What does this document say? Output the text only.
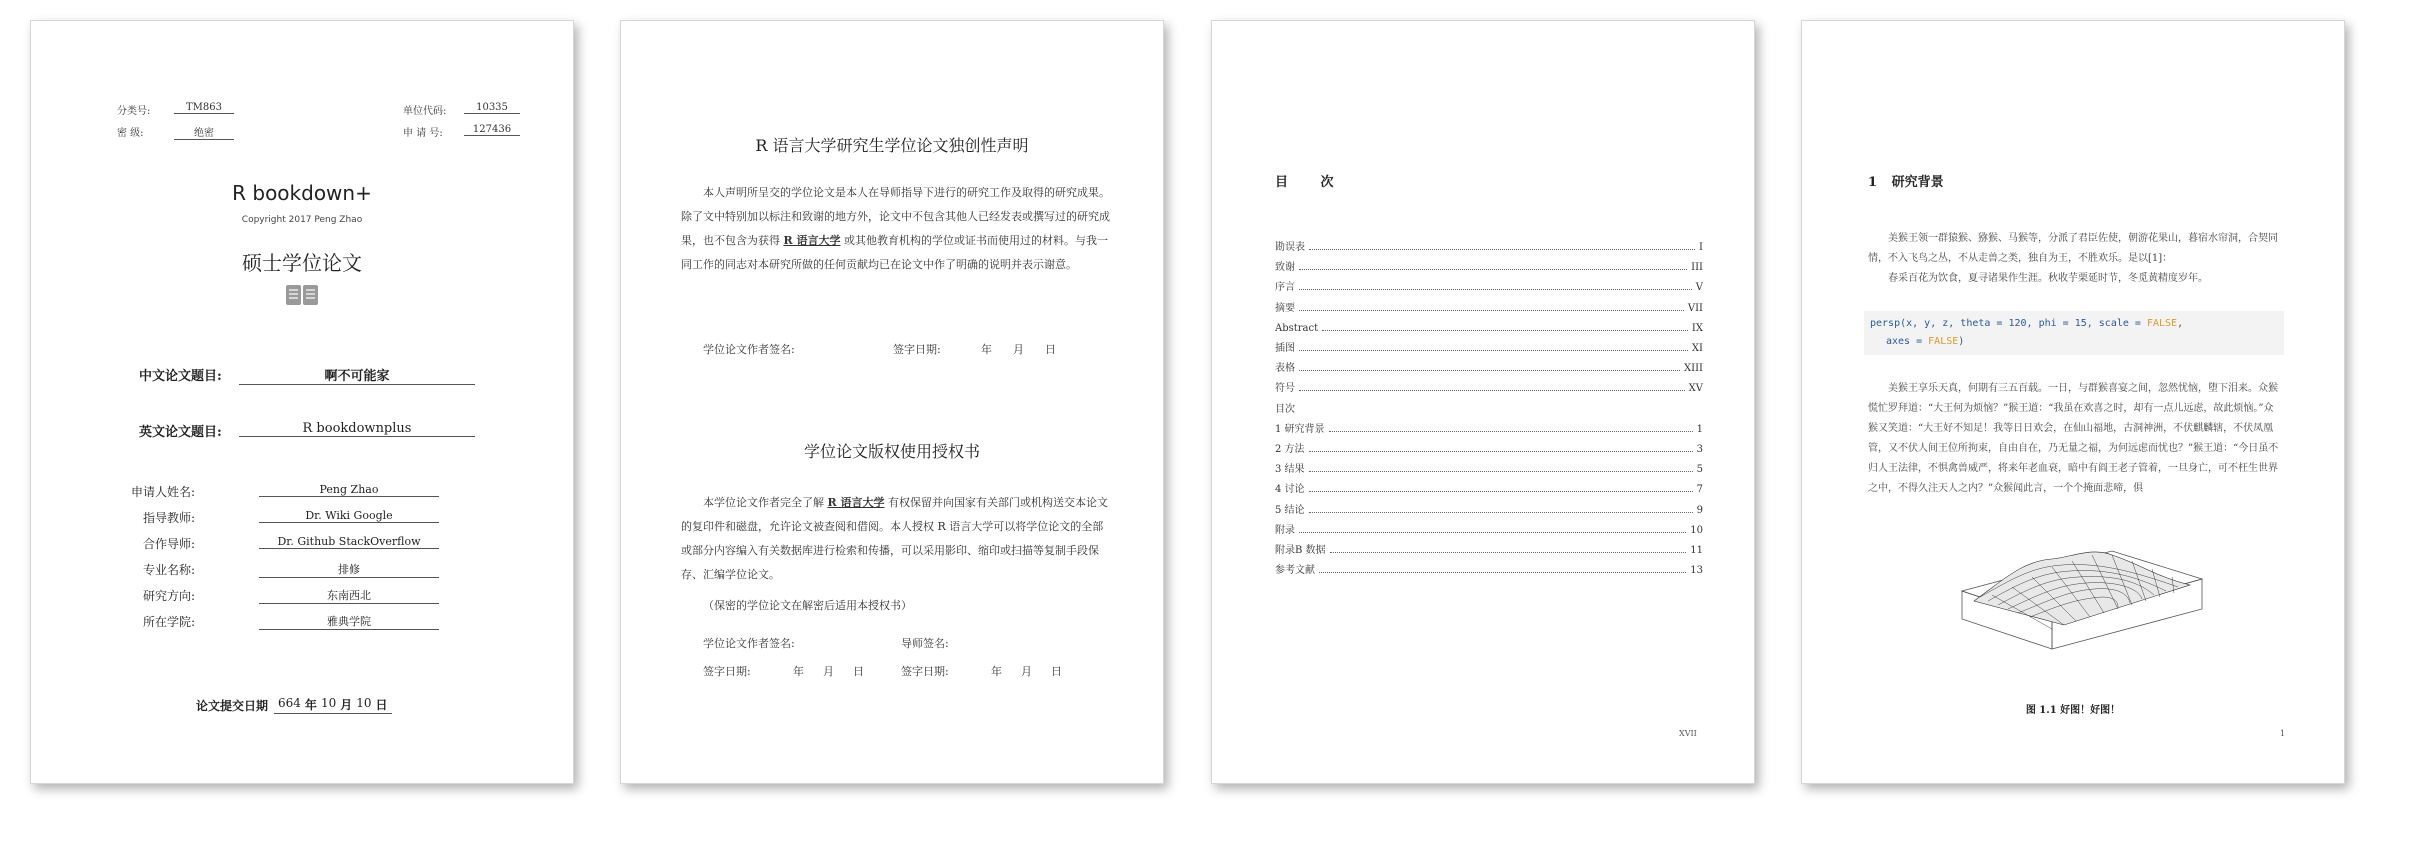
分类号:	TM863	单位代码:	10335
密 级:	绝密	申 请 号:	127436
R bookdown+
Copyright 2017 Peng Zhao
硕士学位论文
中文论文题目:	啊不可能家
英文论文题目:	R bookdownplus
申请人姓名:	Peng Zhao
指导教师:	Dr. Wiki Google
合作导师:	Dr. Github StackOverflow
专业名称:	排修
研究方向:	东南西北
所在学院:	雅典学院
论文提交日期 664 年 10 月 10 日
R 语言大学研究生学位论文独创性声明
本人声明所呈交的学位论文是本人在导师指导下进行的研究工作及取得的研究成果。除了文中特别加以标注和致谢的地方外，论文中不包含其他人已经发表或撰写过的研究成果，也不包含为获得 R 语言大学 或其他教育机构的学位或证书而使用过的材料。与我一同工作的同志对本研究所做的任何贡献均已在论文中作了明确的说明并表示谢意。
学位论文作者签名:	签字日期:	年 月 日
学位论文版权使用授权书
本学位论文作者完全了解 R 语言大学 有权保留并向国家有关部门或机构送交本论文的复印件和磁盘，允许论文被查阅和借阅。本人授权 R 语言大学可以将学位论文的全部或部分内容编入有关数据库进行检索和传播，可以采用影印、缩印或扫描等复制手段保存、汇编学位论文。
（保密的学位论文在解密后适用本授权书）
学位论文作者签名:	导师签名:
签字日期:	年 月 日	签字日期:	年 月 日
目 次
勘误表	I
致谢	III
序言	V
摘要	VII
Abstract	IX
插图	XI
表格	XIII
符号	XV
目次
1 研究背景	1
2 方法	3
3 结果	5
4 讨论	7
5 结论	9
附录	10
附录B 数据	11
参考文献	13
XVII
1 研究背景
美猴王领一群猿猴、猕猴、马猴等，分派了君臣佐使，朝游花果山，暮宿水帘洞，合契同情，不入飞鸟之丛，不从走兽之类，独自为王，不胜欢乐。是以[1]：
春采百花为饮食，夏寻诸果作生涯。秋收芋栗延时节，冬觅黄精度岁年。
persp(x, y, z, theta = 120, phi = 15, scale = FALSE,
axes = FALSE)
美猴王享乐天真，何期有三五百载。一日，与群猴喜宴之间，忽然忧恼，堕下泪来。众猴慌忙罗拜道：“大王何为烦恼？”猴王道：“我虽在欢喜之时，却有一点儿远虑，故此烦恼。”众猴又笑道：“大王好不知足！我等日日欢会，在仙山福地，古洞神洲，不伏麒麟辖，不伏凤凰管，又不伏人间王位所拘束，自由自在，乃无量之福，为何远虑而忧也？”猴王道：“今日虽不归人王法律，不惧禽兽威严，将来年老血衰，暗中有阎王老子管着，一旦身亡，可不枉生世界之中，不得久注天人之内？”众猴闻此言，一个个掩面悲啼，俱
图 1.1 好图！好图！
1
